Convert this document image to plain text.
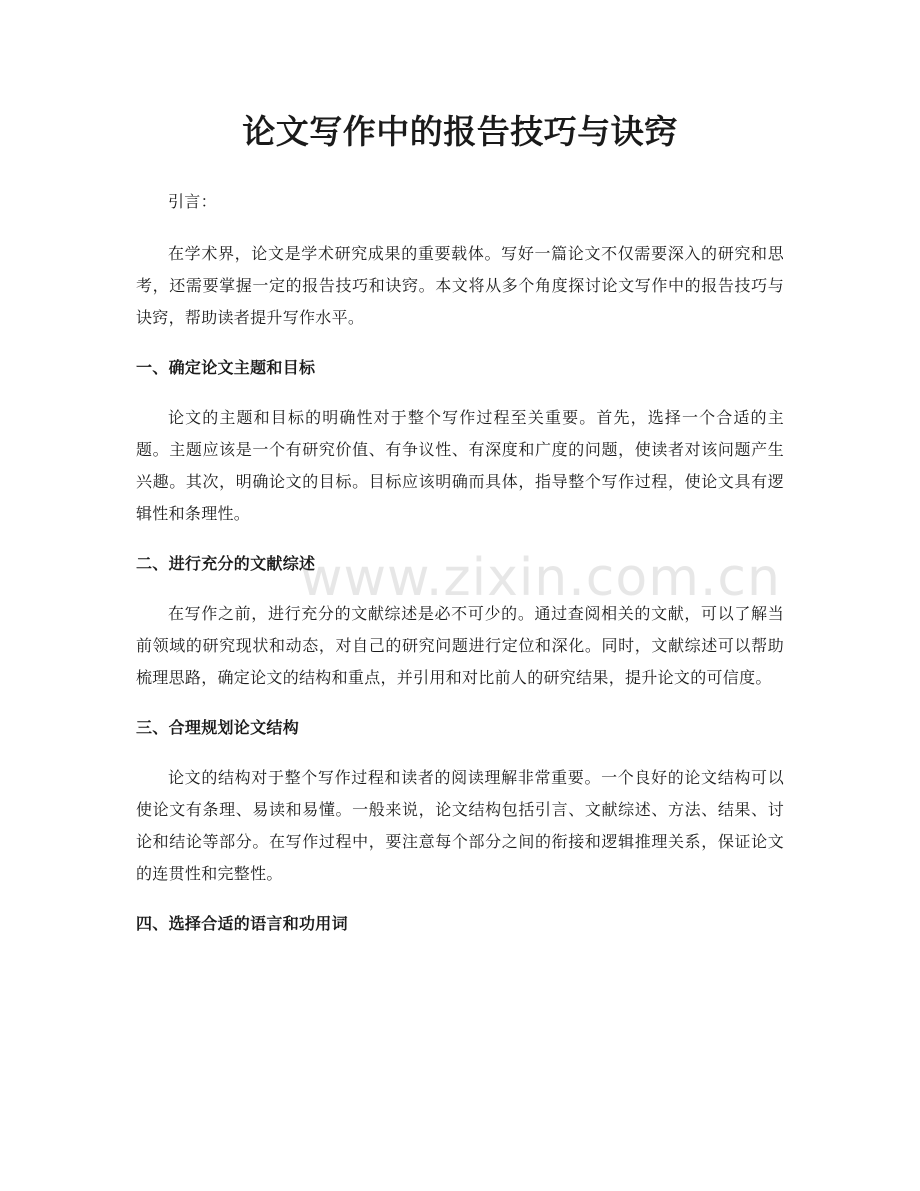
论文写作中的报告技巧与诀窍

引言：

在学术界，论文是学术研究成果的重要载体。写好一篇论文不仅需要深入的研究和思考，还需要掌握一定的报告技巧和诀窍。本文将从多个角度探讨论文写作中的报告技巧与诀窍，帮助读者提升写作水平。

一、确定论文主题和目标

论文的主题和目标的明确性对于整个写作过程至关重要。首先，选择一个合适的主题。主题应该是一个有研究价值、有争议性、有深度和广度的问题，使读者对该问题产生兴趣。其次，明确论文的目标。目标应该明确而具体，指导整个写作过程，使论文具有逻辑性和条理性。

二、进行充分的文献综述

在写作之前，进行充分的文献综述是必不可少的。通过查阅相关的文献，可以了解当前领域的研究现状和动态，对自己的研究问题进行定位和深化。同时，文献综述可以帮助梳理思路，确定论文的结构和重点，并引用和对比前人的研究结果，提升论文的可信度。

三、合理规划论文结构

论文的结构对于整个写作过程和读者的阅读理解非常重要。一个良好的论文结构可以使论文有条理、易读和易懂。一般来说，论文结构包括引言、文献综述、方法、结果、讨论和结论等部分。在写作过程中，要注意每个部分之间的衔接和逻辑推理关系，保证论文的连贯性和完整性。

四、选择合适的语言和功用词
www.zixin.com.cn
